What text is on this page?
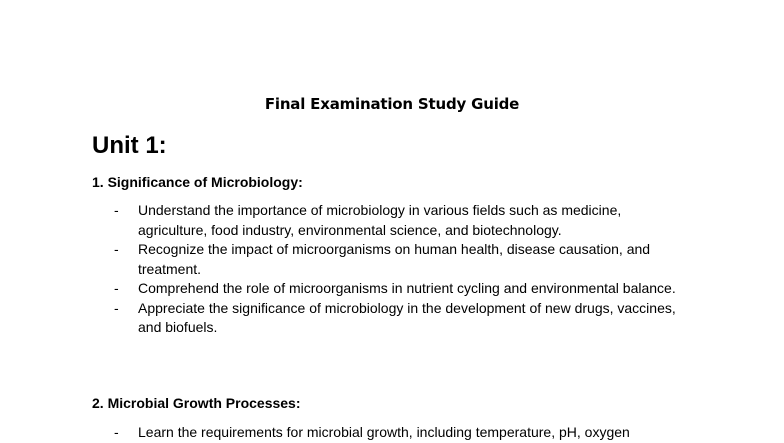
Final Examination Study Guide
Unit 1:
1. Significance of Microbiology:
- Understand the importance of microbiology in various fields such as medicine, agriculture, food industry, environmental science, and biotechnology.
- Recognize the impact of microorganisms on human health, disease causation, and treatment.
- Comprehend the role of microorganisms in nutrient cycling and environmental balance.
- Appreciate the significance of microbiology in the development of new drugs, vaccines, and biofuels.
2. Microbial Growth Processes:
- Learn the requirements for microbial growth, including temperature, pH, oxygen
